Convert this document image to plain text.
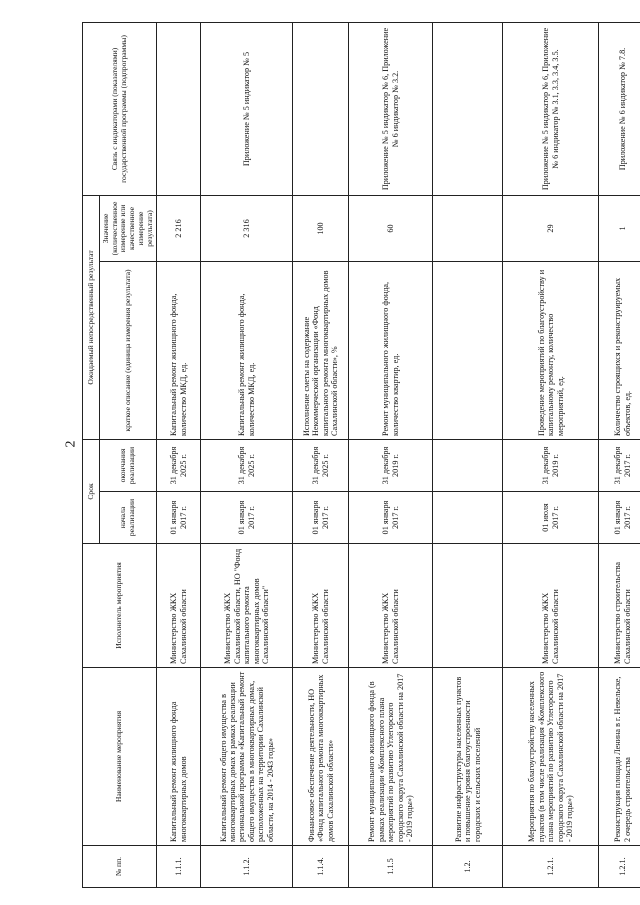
2
№ пп.	Наименование мероприятия	Исполнитель мероприятия	Срок		Ожидаемый непосредственный результат		Связь с индикаторами (показателями) государственной программы (подпрограммы)
			начала реализации	окончания реализации	краткое описание (единица измерения результата)	Значение (количественное измерение или качественное измерение результата)	
1.1.1.	Капитальный ремонт жилищного фонда многоквартирных домов	Министерство ЖКХ Сахалинской области	01 января 2017 г.	31 декабря 2025 г.	Капитальный ремонт жилищного фонда, количество МКД, ед.	2 216	
1.1.2.	Капитальный ремонт общего имущества в многоквартирных домах в рамках реализации региональной программы «Капитальный ремонт общего имущества в многоквартирных домах, расположенных на территории Сахалинской области, на 2014 - 2043 годы»	Министерство ЖКХ Сахалинской области, НО "Фонд капитального ремонта многоквартирных домов Сахалинской области"	01 января 2017 г.	31 декабря 2025 г.	Капитальный ремонт жилищного фонда, количество МКД, ед.	2 316	Приложение № 5 индикатор № 5
1.1.4.	Финансовое обеспечение деятельности, НО «Фонд капитального ремонта многоквартирных домов Сахалинской области»	Министерство ЖКХ Сахалинской области	01 января 2017 г.	31 декабря 2025 г.	Исполнение сметы на содержание Некоммерческой организации «Фонд капитального ремонта многоквартирных домов Сахалинской области», %	100	
1.1.5	Ремонт муниципального жилищного фонда (в рамках реализации «Комплексного плана мероприятий по развитию Углегорского городского округа Сахалинской области на 2017 - 2019 годы»)	Министерство ЖКХ Сахалинской области	01 января 2017 г.	31 декабря 2019 г.	Ремонт муниципального жилищного фонда, количество квартир, ед.	60	Приложение № 5 индикатор № 6, Приложение № 6 индикатор № 3.2.
1.2.	Развитие инфраструктуры населенных пунктов и повышение уровня благоустроенности городских и сельских поселений						
1.2.1.	Мероприятия по благоустройству населенных пунктов (в том числе реализация «Комплексного плана мероприятий по развитию Углегорского городского округа Сахалинской области на 2017 - 2019 годы»)	Министерство ЖКХ Сахалинской области	01 июля 2017 г.	31 декабря 2019 г.	Проведение мероприятий по благоустройству и капитальному ремонту, количество мероприятий, ед.	29	Приложение № 5 индикатор № 6, Приложение № 6 индикатор № 3.1, 3.3, 3.4, 3.5.
1.2.1.	Реконструкция площади Ленина в г. Невельске, 2 очередь строительства	Министерство строительства Сахалинской области	01 января 2017 г.	31 декабря 2017 г.	Количество строящихся и реконструируемых объектов, ед.	1	Приложение № 6 индикатор № 7.8.
